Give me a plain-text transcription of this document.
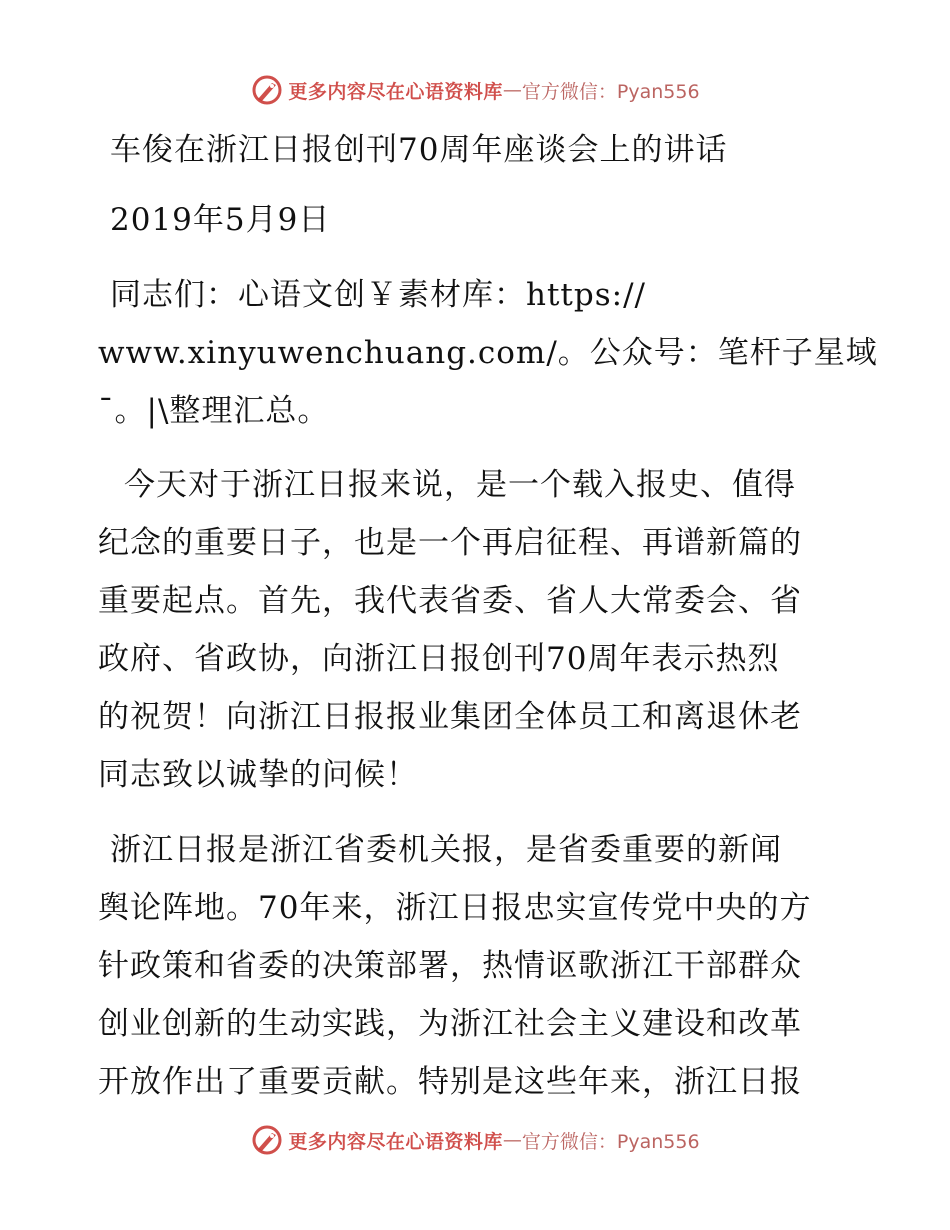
更多内容尽在心语资料库 — 官方微信：Pyan556
车俊在浙江日报创刊70周年座谈会上的讲话
2019年5月9日
同志们：心语文创￥素材库：https://
www.xinyuwenchuang.com/。公众号：笔杆子星域
ˉ。|\整理汇总。
今天对于浙江日报来说，是一个载入报史、值得
纪念的重要日子，也是一个再启征程、再谱新篇的
重要起点。首先，我代表省委、省人大常委会、省
政府、省政协，向浙江日报创刊70周年表示热烈
的祝贺！向浙江日报报业集团全体员工和离退休老
同志致以诚挚的问候！
浙江日报是浙江省委机关报，是省委重要的新闻
舆论阵地。70年来，浙江日报忠实宣传党中央的方
针政策和省委的决策部署，热情讴歌浙江干部群众
创业创新的生动实践，为浙江社会主义建设和改革
开放作出了重要贡献。特别是这些年来，浙江日报
更多内容尽在心语资料库 — 官方微信：Pyan556
